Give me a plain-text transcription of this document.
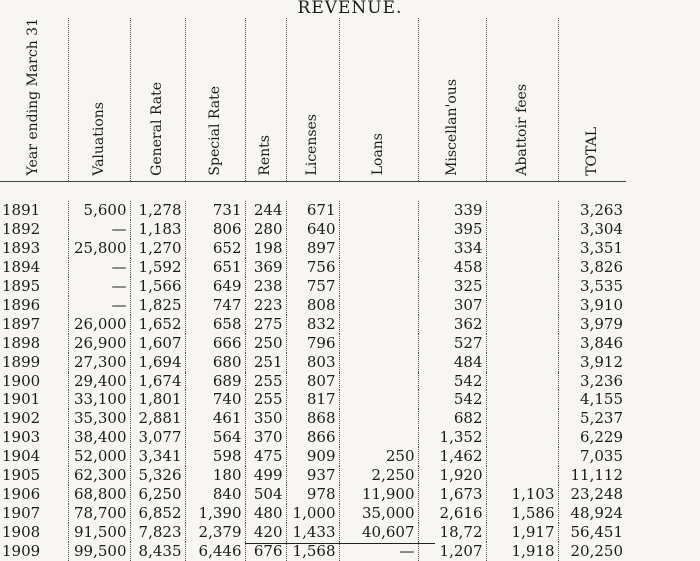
REVENUE.
Year ending March 31	Valuations	General Rate	Special Rate	Rents	Licenses	Loans	Miscellan'ous	Abattoir fees	TOTAL

1891	5,600	1,278	731	244	671		339		3,263
1892	—	1,183	806	280	640		395		3,304
1893	25,800	1,270	652	198	897		334		3,351
1894	—	1,592	651	369	756		458		3,826
1895	—	1,566	649	238	757		325		3,535
1896	—	1,825	747	223	808		307		3,910
1897	26,000	1,652	658	275	832		362		3,979
1898	26,900	1,607	666	250	796		527		3,846
1899	27,300	1,694	680	251	803		484		3,912
1900	29,400	1,674	689	255	807		542		3,236
1901	33,100	1,801	740	255	817		542		4,155
1902	35,300	2,881	461	350	868		682		5,237
1903	38,400	3,077	564	370	866		1,352		6,229
1904	52,000	3,341	598	475	909	250	1,462		7,035
1905	62,300	5,326	180	499	937	2,250	1,920		11,112
1906	68,800	6,250	840	504	978	11,900	1,673	1,103	23,248
1907	78,700	6,852	1,390	480	1,000	35,000	2,616	1,586	48,924
1908	91,500	7,823	2,379	420	1,433	40,607	18,72	1,917	56,451
1909	99,500	8,435	6,446	676	1,568	—	1,207	1,918	20,250
